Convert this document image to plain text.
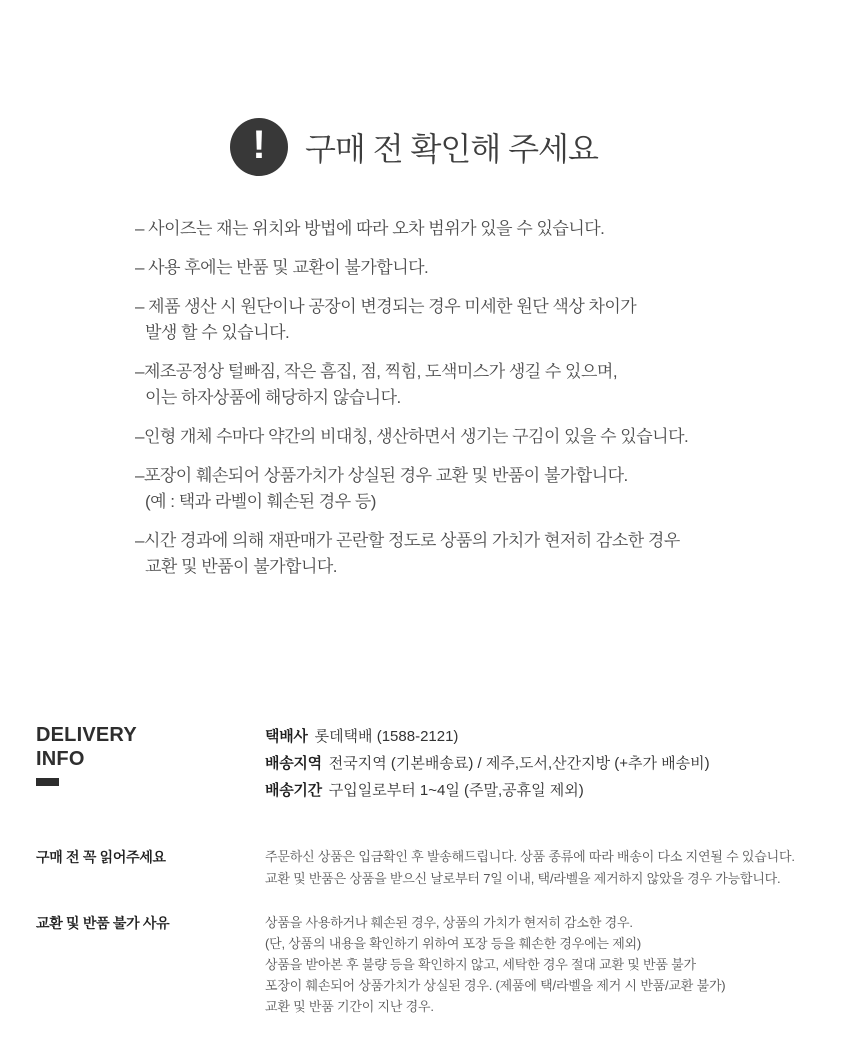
! 구매 전 확인해 주세요
– 사이즈는 재는 위치와 방법에 따라 오차 범위가 있을 수 있습니다.
– 사용 후에는 반품 및 교환이 불가합니다.
– 제품 생산 시 원단이나 공장이 변경되는 경우 미세한 원단 색상 차이가
발생 할 수 있습니다.
–제조공정상 털빠짐, 작은 흠집, 점, 찍힘, 도색미스가 생길 수 있으며,
이는 하자상품에 해당하지 않습니다.
–인형 개체 수마다 약간의 비대칭, 생산하면서 생기는 구김이 있을 수 있습니다.
–포장이 훼손되어 상품가치가 상실된 경우 교환 및 반품이 불가합니다.
(예 : 택과 라벨이 훼손된 경우 등)
–시간 경과에 의해 재판매가 곤란할 정도로 상품의 가치가 현저히 감소한 경우
교환 및 반품이 불가합니다.
DELIVERY
INFO
택배사 롯데택배 (1588-2121)
배송지역 전국지역 (기본배송료) / 제주,도서,산간지방 (+추가 배송비)
배송기간 구입일로부터 1~4일 (주말,공휴일 제외)
구매 전 꼭 읽어주세요	주문하신 상품은 입금확인 후 발송해드립니다. 상품 종류에 따라 배송이 다소 지연될 수 있습니다.
교환 및 반품은 상품을 받으신 날로부터 7일 이내, 택/라벨을 제거하지 않았을 경우 가능합니다.
교환 및 반품 불가 사유	상품을 사용하거나 훼손된 경우, 상품의 가치가 현저히 감소한 경우.
(단, 상품의 내용을 확인하기 위하여 포장 등을 훼손한 경우에는 제외)
상품을 받아본 후 불량 등을 확인하지 않고, 세탁한 경우 절대 교환 및 반품 불가
포장이 훼손되어 상품가치가 상실된 경우. (제품에 택/라벨을 제거 시 반품/교환 불가)
교환 및 반품 기간이 지난 경우.
